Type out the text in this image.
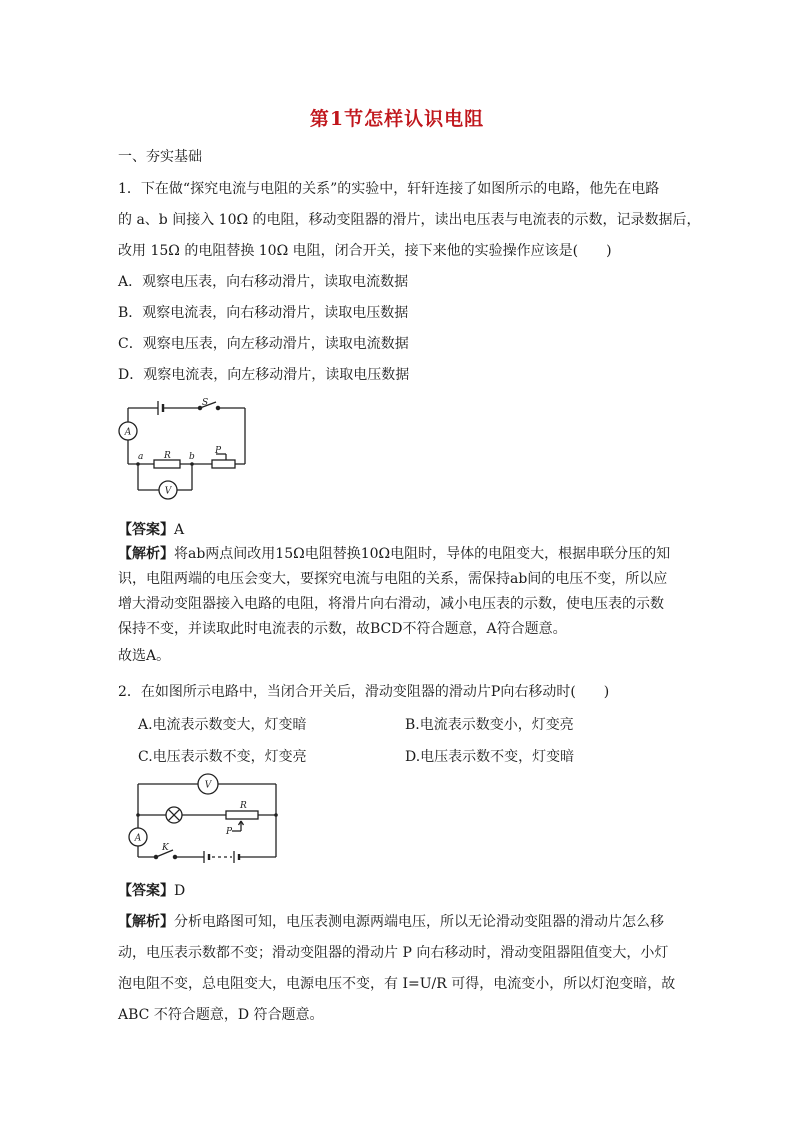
第1节怎样认识电阻
一、夯实基础
1．下在做“探究电流与电阻的关系”的实验中，轩轩连接了如图所示的电路，他先在电路
的 a、b 间接入 10Ω 的电阻，移动变阻器的滑片，读出电压表与电流表的示数，记录数据后，
改用 15Ω 的电阻替换 10Ω 电阻，闭合开关，接下来他的实验操作应该是(　　)
A．观察电压表，向右移动滑片，读取电流数据
B．观察电流表，向右移动滑片，读取电压数据
C．观察电压表，向左移动滑片，读取电流数据
D．观察电流表，向左移动滑片，读取电压数据
A
V
S
a R b
P
【答案】A
【解析】将ab两点间改用15Ω电阻替换10Ω电阻时，导体的电阻变大，根据串联分压的知
识，电阻两端的电压会变大，要探究电流与电阻的关系，需保持ab间的电压不变，所以应
增大滑动变阻器接入电路的电阻，将滑片向右滑动，减小电压表的示数，使电压表的示数
保持不变，并读取此时电流表的示数，故BCD不符合题意，A符合题意。
故选A。
2．在如图所示电路中，当闭合开关后，滑动变阻器的滑动片P向右移动时(　　)
A.电流表示数变大，灯变暗	B.电流表示数变小，灯变亮
C.电压表示数不变，灯变亮	D.电压表示数不变，灯变暗
V
A
R
P
K
【答案】D
【解析】分析电路图可知，电压表测电源两端电压，所以无论滑动变阻器的滑动片怎么移
动，电压表示数都不变；滑动变阻器的滑动片 P 向右移动时，滑动变阻器阻值变大，小灯
泡电阻不变，总电阻变大，电源电压不变，有 I=U/R 可得，电流变小，所以灯泡变暗，故
ABC 不符合题意，D 符合题意。
